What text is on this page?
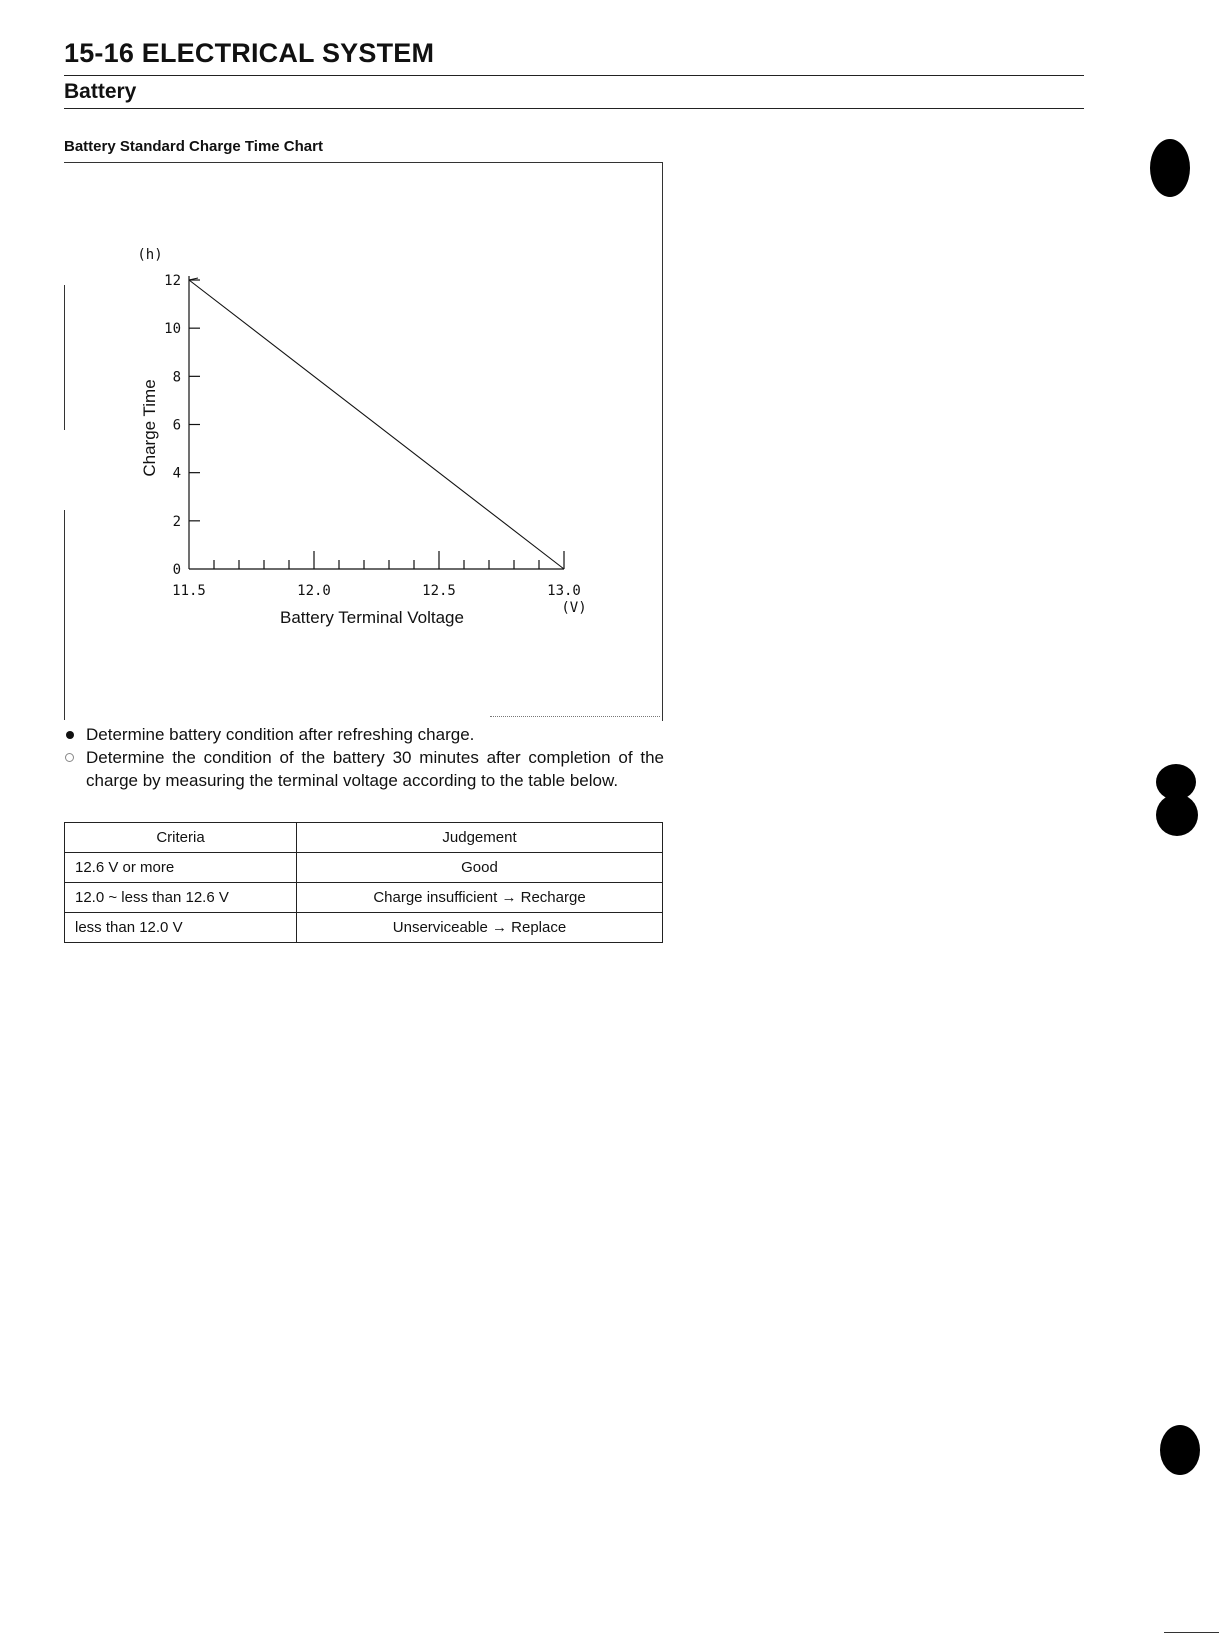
15-16 ELECTRICAL SYSTEM
Battery
Battery Standard Charge Time Chart
0
2
4
6
8
10
12
11.5	12.0	12.5	13.0
(h)
(V)
Battery Terminal Voltage
Charge Time
Determine battery condition after refreshing charge.
Determine the condition of the battery 30 minutes after completion of the charge by measuring the terminal voltage according to the table below.
Criteria	Judgement
12.6 V or more	Good
12.0 ~ less than 12.6 V	Charge insufficient → Recharge
less than 12.0 V	Unserviceable → Replace
